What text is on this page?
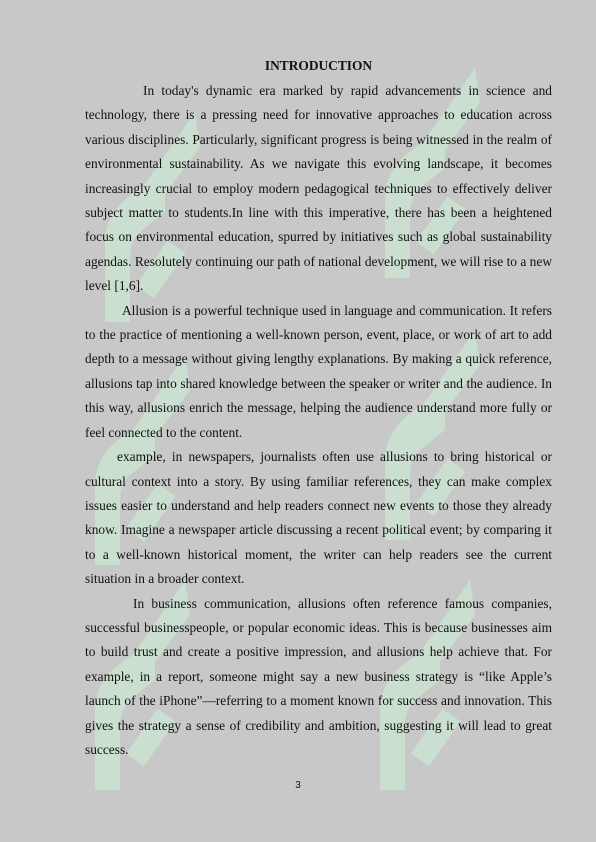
INTRODUCTION

In today's dynamic era marked by rapid advancements in science and technology, there is a pressing need for innovative approaches to education across various disciplines. Particularly, significant progress is being witnessed in the realm of environmental sustainability. As we navigate this evolving landscape, it becomes increasingly crucial to employ modern pedagogical techniques to effectively deliver subject matter to students.In line with this imperative, there has been a heightened focus on environmental education, spurred by initiatives such as global sustainability agendas. Resolutely continuing our path of national development, we will rise to a new level [1,6].

Allusion is a powerful technique used in language and communication. It refers to the practice of mentioning a well-known person, event, place, or work of art to add depth to a message without giving lengthy explanations. By making a quick reference, allusions tap into shared knowledge between the speaker or writer and the audience. In this way, allusions enrich the message, helping the audience understand more fully or feel connected to the content.

example, in newspapers, journalists often use allusions to bring historical or cultural context into a story. By using familiar references, they can make complex issues easier to understand and help readers connect new events to those they already know. Imagine a newspaper article discussing a recent political event; by comparing it to a well-known historical moment, the writer can help readers see the current situation in a broader context.

In business communication, allusions often reference famous companies, successful businesspeople, or popular economic ideas. This is because businesses aim to build trust and create a positive impression, and allusions help achieve that. For example, in a report, someone might say a new business strategy is “like Apple’s launch of the iPhone”—referring to a moment known for success and innovation. This gives the strategy a sense of credibility and ambition, suggesting it will lead to great success.

3
